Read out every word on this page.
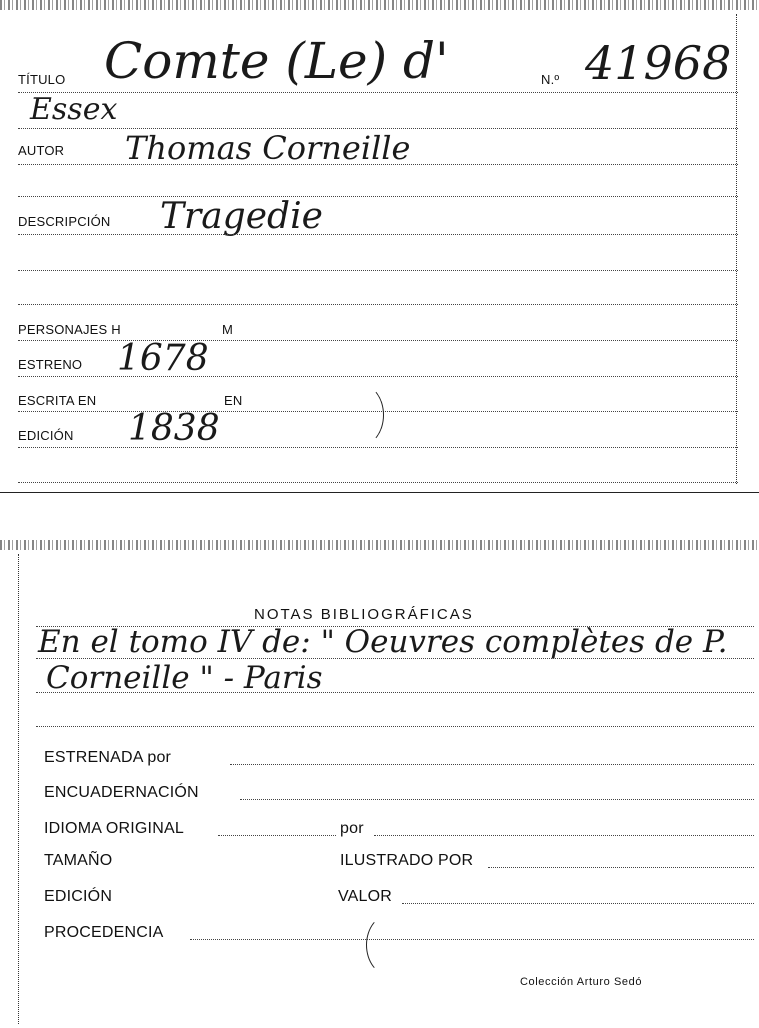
TÍTULO Comte (Le) d'	N.º 41968
Essex
AUTOR Thomas Corneille
DESCRIPCIÓN Tragedie
PERSONAJES H	M
ESTRENO 1678
ESCRITA EN	EN
EDICIÓN 1838
NOTAS BIBLIOGRÁFICAS
En el tomo IV de: " Oeuvres complètes de P.
Corneille " - Paris
ESTRENADA por
ENCUADERNACIÓN
IDIOMA ORIGINAL	por
TAMAÑO	ILUSTRADO POR
EDICIÓN	VALOR
PROCEDENCIA
Colección Arturo Sedó
